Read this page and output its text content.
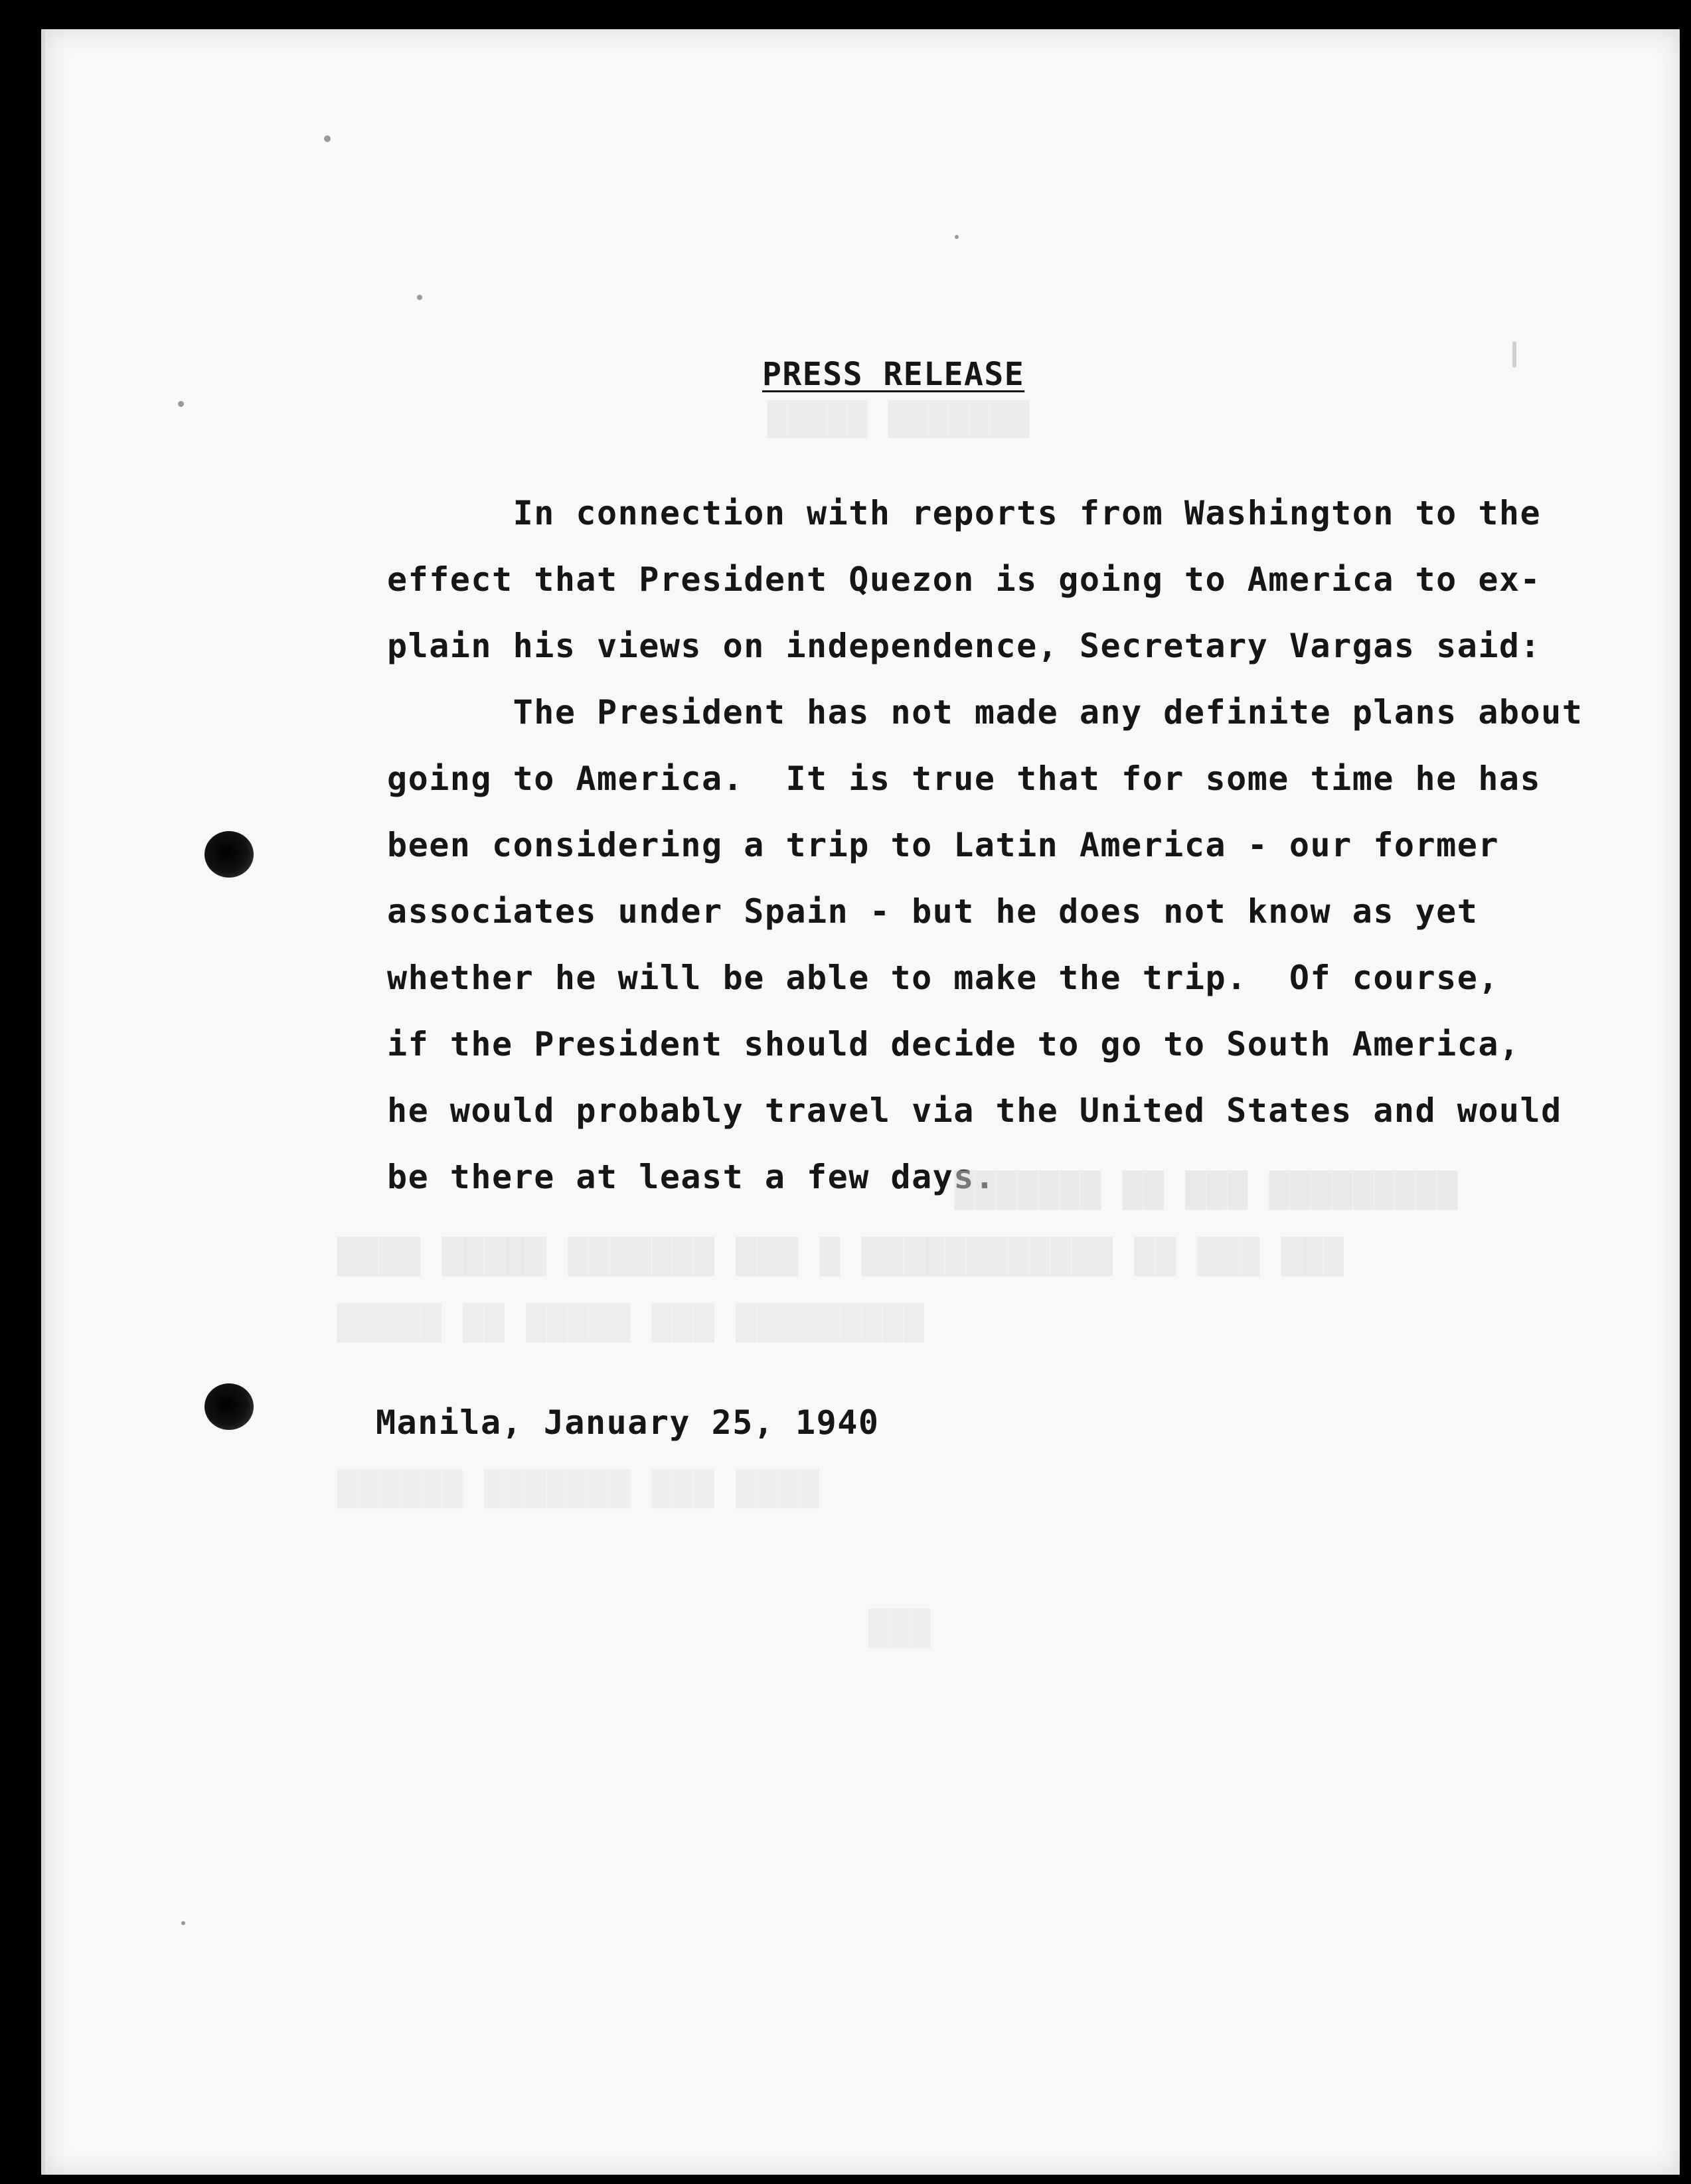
█████ ███████
PRESS RELEASE
In connection with reports from Washington to the
effect that President Quezon is going to America to ex-
plain his views on independence, Secretary Vargas said:
The President has not made any definite plans about
going to America.  It is true that for some time he has
been considering a trip to Latin America - our former
associates under Spain - but he does not know as yet
whether he will be able to make the trip.  Of course,
if the President should decide to go to South America,
he would probably travel via the United States and would
be there at least a few days.
███████ ██ ███ █████████
████ █████ ███████ ███ █ ████████████ ██ ███ ███
█████ ██ █████ ███ █████████
██████ ███████ ███ ████
███
Manila, January 25, 1940
